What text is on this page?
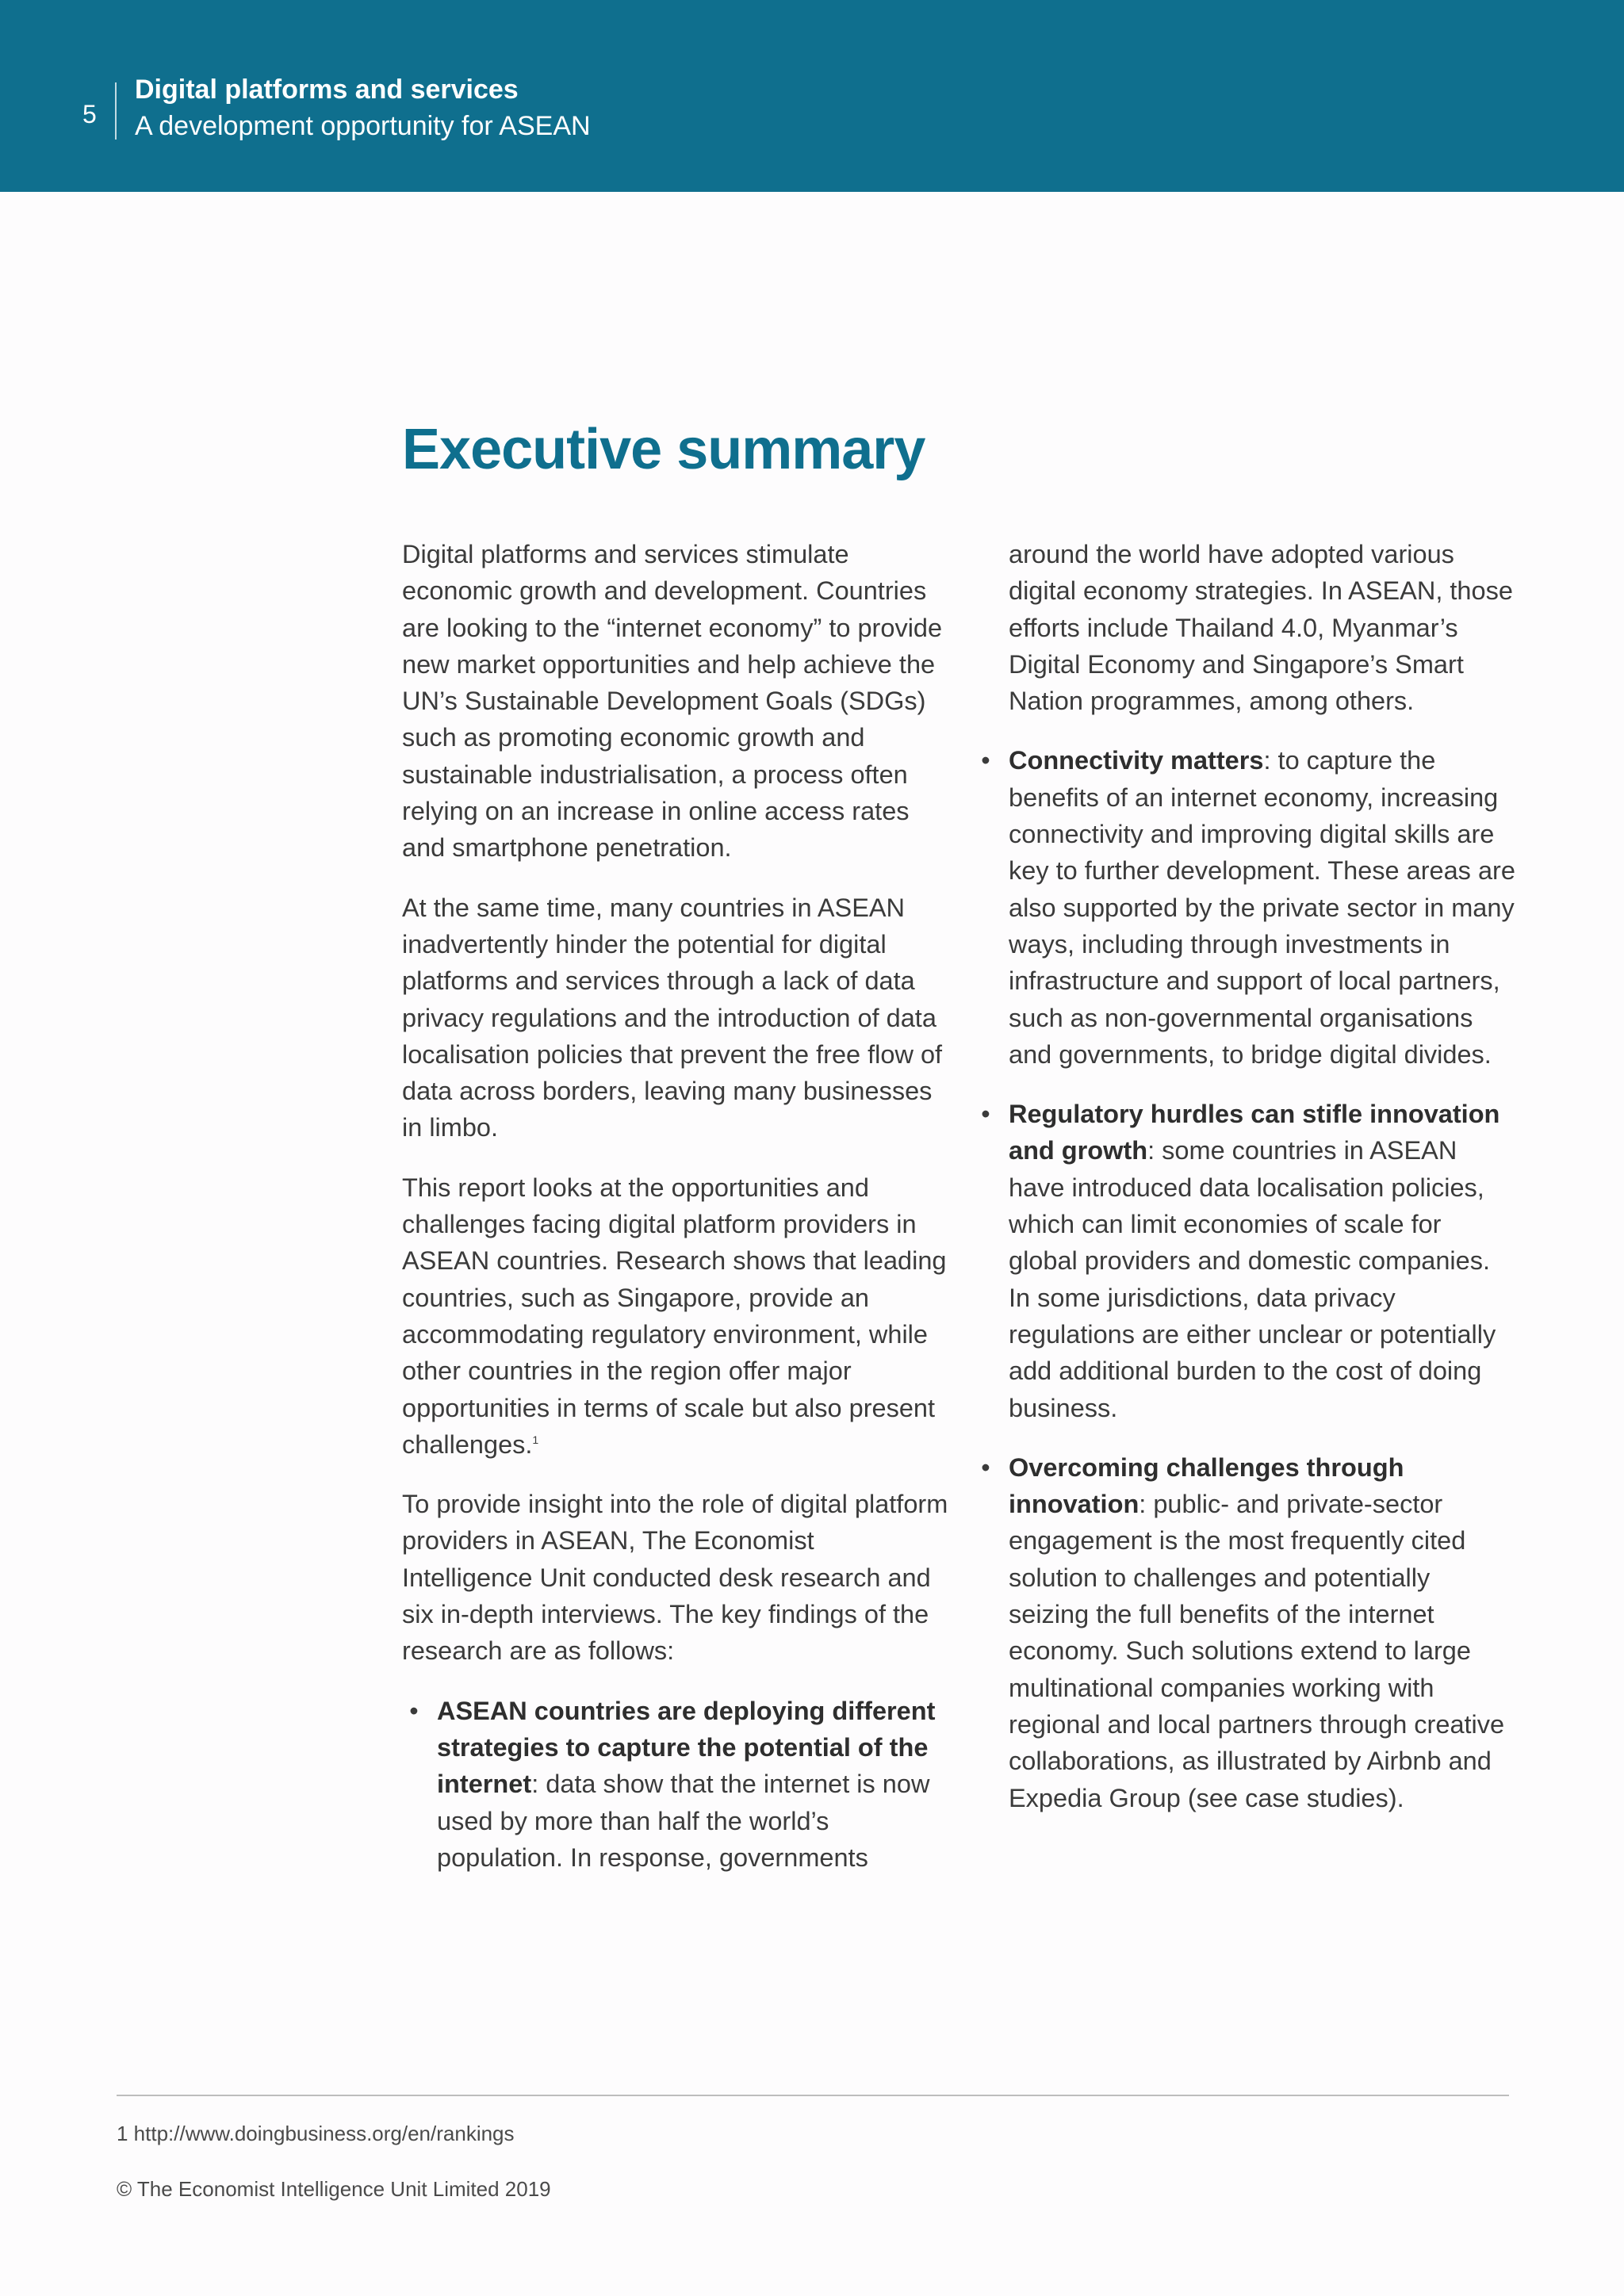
5
Digital platforms and services
A development opportunity for ASEAN
Executive summary

Digital platforms and services stimulate economic growth and development. Countries are looking to the “internet economy” to provide new market opportunities and help achieve the UN’s Sustainable Development Goals (SDGs) such as promoting economic growth and sustainable industrialisation, a process often relying on an increase in online access rates and smartphone penetration.

At the same time, many countries in ASEAN inadvertently hinder the potential for digital platforms and services through a lack of data privacy regulations and the introduction of data localisation policies that prevent the free flow of data across borders, leaving many businesses in limbo.

This report looks at the opportunities and challenges facing digital platform providers in ASEAN countries. Research shows that leading countries, such as Singapore, provide an accommodating regulatory environment, while other countries in the region offer major opportunities in terms of scale but also present challenges.$^1$

To provide insight into the role of digital platform providers in ASEAN, The Economist Intelligence Unit conducted desk research and six in-depth interviews. The key findings of the research are as follows:

• ASEAN countries are deploying different strategies to capture the potential of the internet: data show that the internet is now used by more than half the world’s population. In response, governments

around the world have adopted various digital economy strategies. In ASEAN, those efforts include Thailand 4.0, Myanmar’s Digital Economy and Singapore’s Smart Nation programmes, among others.

• Connectivity matters: to capture the benefits of an internet economy, increasing connectivity and improving digital skills are key to further development. These areas are also supported by the private sector in many ways, including through investments in infrastructure and support of local partners, such as non-governmental organisations and governments, to bridge digital divides.
• Regulatory hurdles can stifle innovation and growth: some countries in ASEAN have introduced data localisation policies, which can limit economies of scale for global providers and domestic companies. In some jurisdictions, data privacy regulations are either unclear or potentially add additional burden to the cost of doing business.
• Overcoming challenges through innovation: public- and private-sector engagement is the most frequently cited solution to challenges and potentially seizing the full benefits of the internet economy. Such solutions extend to large multinational companies working with regional and local partners through creative collaborations, as illustrated by Airbnb and Expedia Group (see case studies).
1 http://www.doingbusiness.org/en/rankings
© The Economist Intelligence Unit Limited 2019
